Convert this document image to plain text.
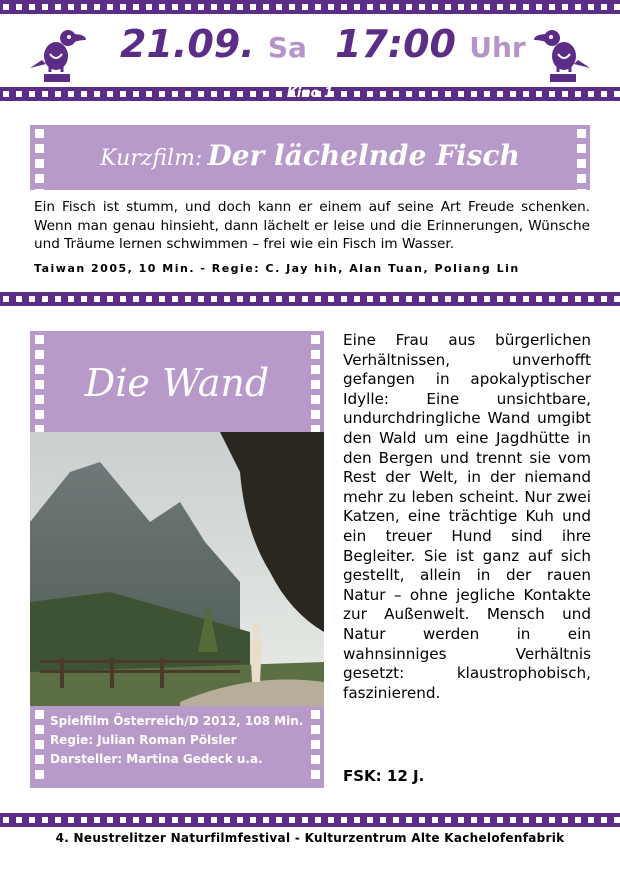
21.09. Sa 17:00 Uhr
Kino 1
Kurzfilm: Der lächelnde Fisch
Ein Fisch ist stumm, und doch kann er einem auf seine Art Freude schenken. Wenn man genau hinsieht, dann lächelt er leise und die Erinnerungen, Wünsche und Träume lernen schwimmen – frei wie ein Fisch im Wasser.
Taiwan 2005, 10 Min. - Regie: C. Jay hih, Alan Tuan, Poliang Lin
Die Wand
Spielfilm Österreich/D 2012, 108 Min.
Regie: Julian Roman Pölsler
Darsteller: Martina Gedeck u.a.
Eine Frau aus bürgerlichen Verhältnissen, unverhofft gefangen in apokalyptischer Idylle: Eine unsichtbare, undurchdringliche Wand umgibt den Wald um eine Jagdhütte in den Bergen und trennt sie vom Rest der Welt, in der niemand mehr zu leben scheint. Nur zwei Katzen, eine trächtige Kuh und ein treuer Hund sind ihre Begleiter. Sie ist ganz auf sich gestellt, allein in der rauen Natur – ohne jegliche Kontakte zur Außenwelt. Mensch und Natur werden in ein wahnsinniges Verhältnis gesetzt: klaustrophobisch, faszinierend.
FSK: 12 J.
4. Neustrelitzer Naturfilmfestival - Kulturzentrum Alte Kachelofenfabrik
